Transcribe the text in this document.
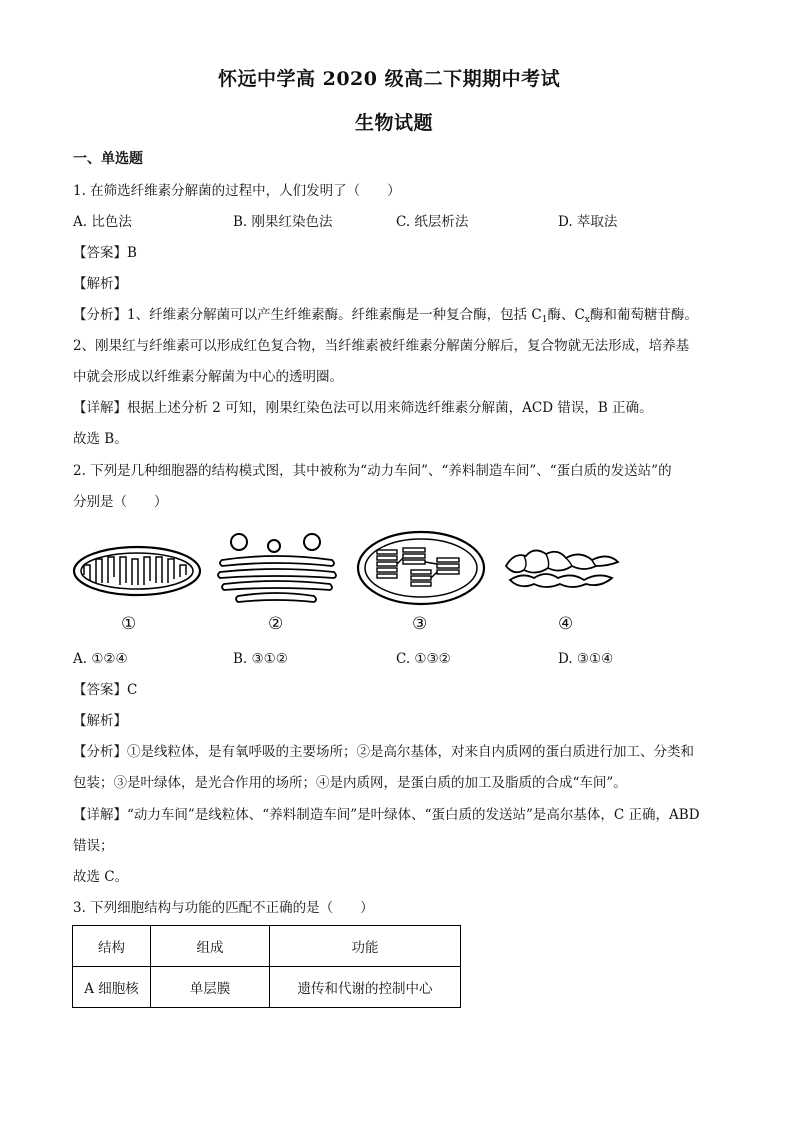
怀远中学高 2020 级高二下期期中考试
生物试题
一、单选题
1. 在筛选纤维素分解菌的过程中，人们发明了（　　）
A. 比色法	B. 刚果红染色法	C. 纸层析法	D. 萃取法
【答案】B
【解析】
【分析】1、纤维素分解菌可以产生纤维素酶。纤维素酶是一种复合酶，包括 $C_1$酶、$C_x$酶和葡萄糖苷酶。
2、刚果红与纤维素可以形成红色复合物，当纤维素被纤维素分解菌分解后，复合物就无法形成，培养基
中就会形成以纤维素分解菌为中心的透明圈。
【详解】根据上述分析 2 可知，刚果红染色法可以用来筛选纤维素分解菌，ACD 错误，B 正确。
故选 B。
2. 下列是几种细胞器的结构模式图，其中被称为“动力车间”、“养料制造车间”、“蛋白质的发送站”的
分别是（　　）
①	②	③	④
A. ①②④	B. ③①②	C. ①③②	D. ③①④
【答案】C
【解析】
【分析】①是线粒体，是有氧呼吸的主要场所；②是高尔基体，对来自内质网的蛋白质进行加工、分类和
包装；③是叶绿体，是光合作用的场所；④是内质网，是蛋白质的加工及脂质的合成“车间”。
【详解】“动力车间”是线粒体、“养料制造车间”是叶绿体、“蛋白质的发送站”是高尔基体，C 正确，ABD
错误；
故选 C。
3. 下列细胞结构与功能的匹配不正确的是（　　）
结构	组成	功能
A 细胞核	单层膜	遗传和代谢的控制中心
